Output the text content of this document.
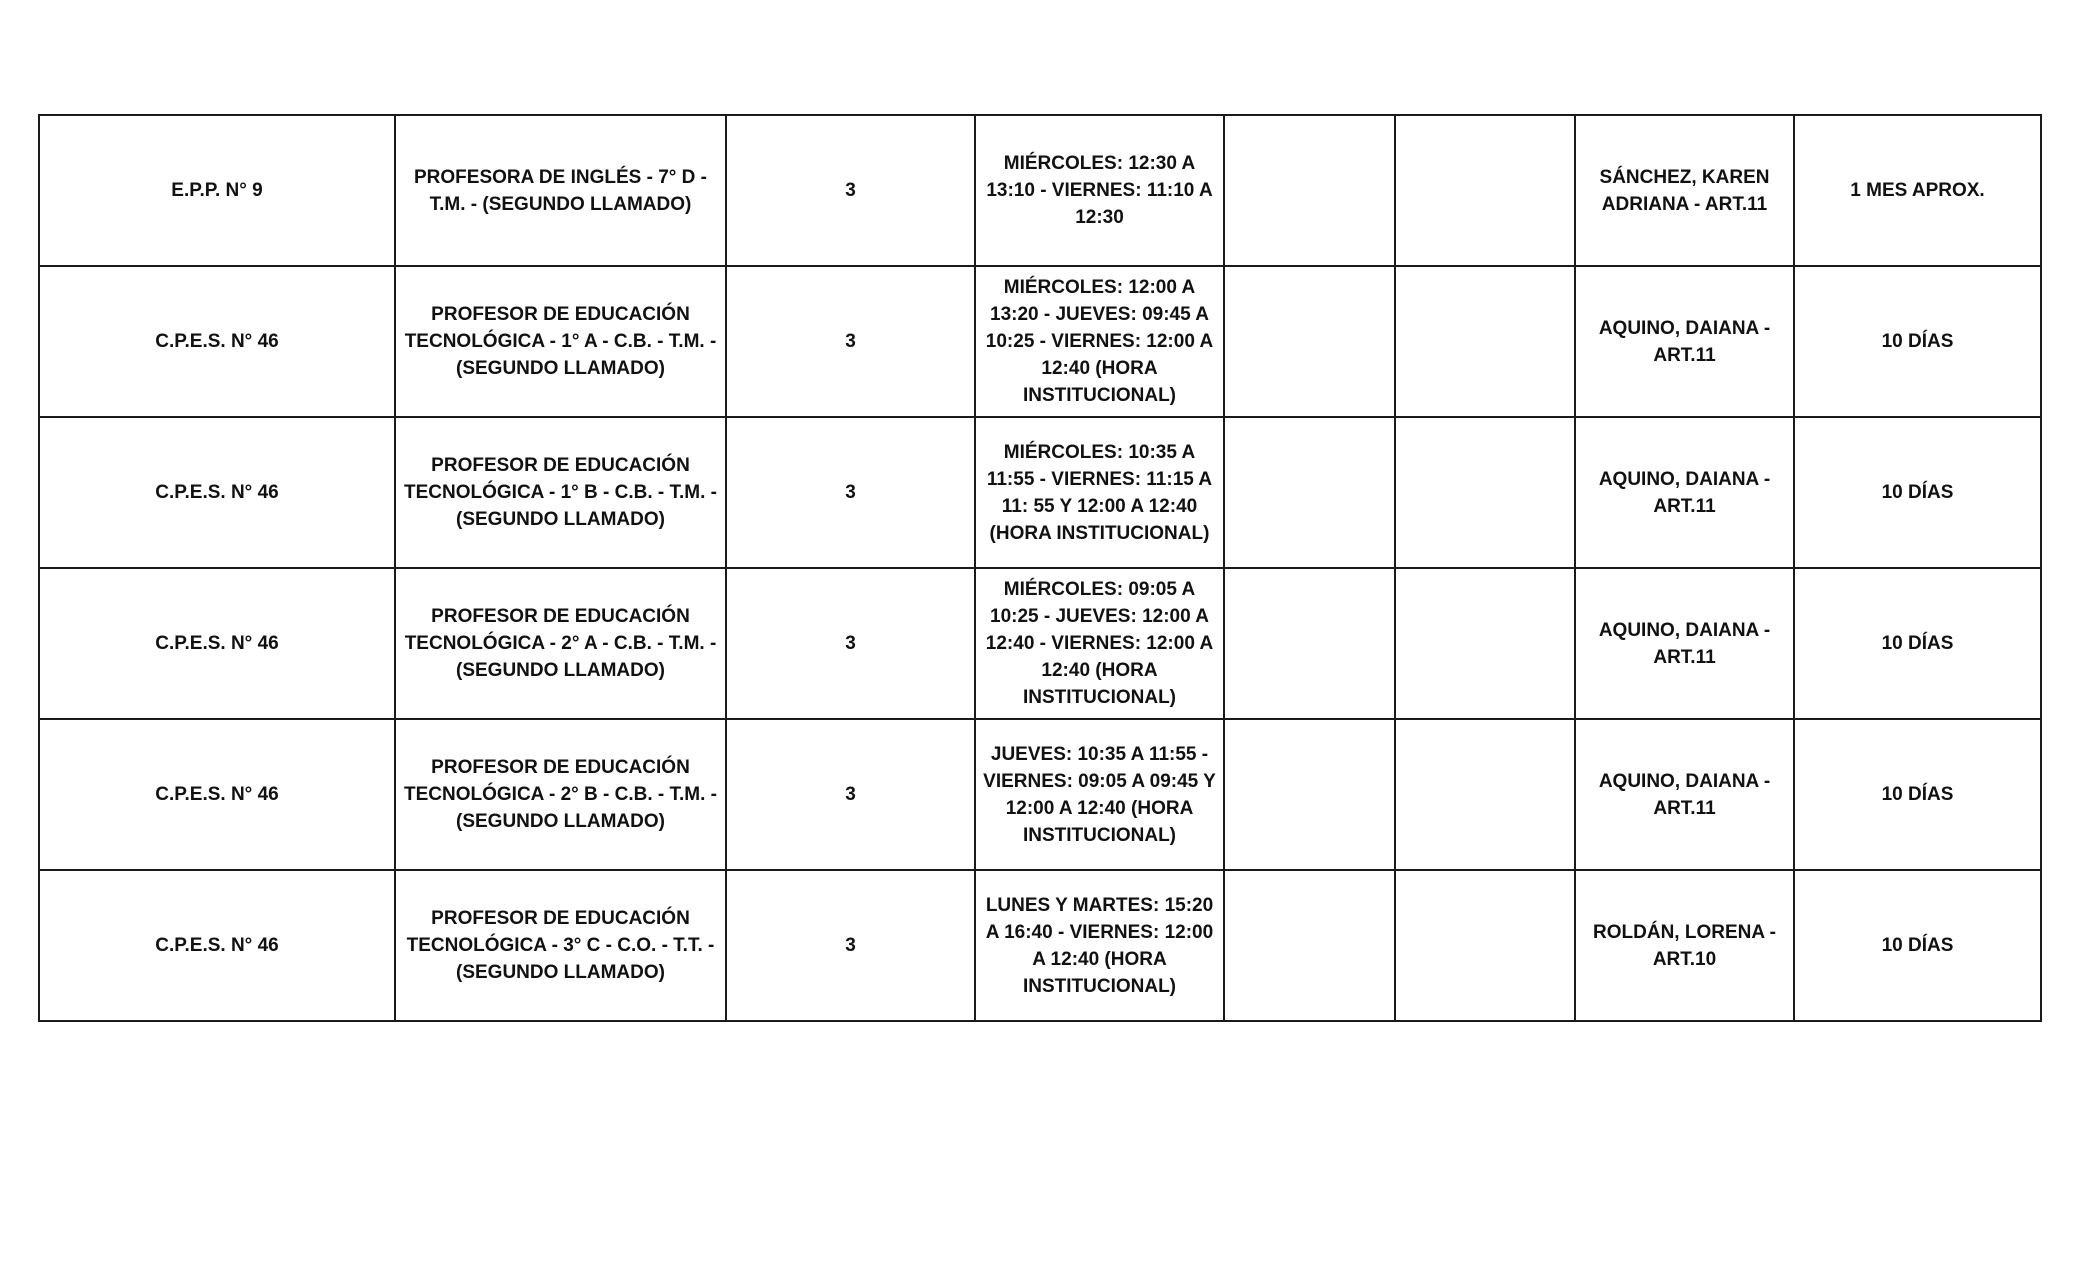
E.P.P. N° 9	PROFESORA DE INGLÉS - 7° D - T.M. - (SEGUNDO LLAMADO)	3	MIÉRCOLES: 12:30 A 13:10 - VIERNES: 11:10 A 12:30			SÁNCHEZ, KAREN ADRIANA - ART.11	1 MES APROX.
C.P.E.S. N° 46	PROFESOR DE EDUCACIÓN TECNOLÓGICA - 1° A - C.B. - T.M. - (SEGUNDO LLAMADO)	3	MIÉRCOLES: 12:00 A 13:20 - JUEVES: 09:45 A 10:25 - VIERNES: 12:00 A 12:40 (HORA INSTITUCIONAL)			AQUINO, DAIANA - ART.11	10 DÍAS
C.P.E.S. N° 46	PROFESOR DE EDUCACIÓN TECNOLÓGICA - 1° B - C.B. - T.M. - (SEGUNDO LLAMADO)	3	MIÉRCOLES: 10:35 A 11:55 - VIERNES: 11:15 A 11: 55 Y 12:00 A 12:40 (HORA INSTITUCIONAL)			AQUINO, DAIANA - ART.11	10 DÍAS
C.P.E.S. N° 46	PROFESOR DE EDUCACIÓN TECNOLÓGICA - 2° A - C.B. - T.M. - (SEGUNDO LLAMADO)	3	MIÉRCOLES: 09:05 A 10:25 - JUEVES: 12:00 A 12:40 - VIERNES: 12:00 A 12:40 (HORA INSTITUCIONAL)			AQUINO, DAIANA - ART.11	10 DÍAS
C.P.E.S. N° 46	PROFESOR DE EDUCACIÓN TECNOLÓGICA - 2° B - C.B. - T.M. - (SEGUNDO LLAMADO)	3	JUEVES: 10:35 A 11:55 - VIERNES: 09:05 A 09:45 Y 12:00 A 12:40 (HORA INSTITUCIONAL)			AQUINO, DAIANA - ART.11	10 DÍAS
C.P.E.S. N° 46	PROFESOR DE EDUCACIÓN TECNOLÓGICA - 3° C - C.O. - T.T. - (SEGUNDO LLAMADO)	3	LUNES Y MARTES: 15:20 A 16:40 - VIERNES: 12:00 A 12:40 (HORA INSTITUCIONAL)			ROLDÁN, LORENA - ART.10	10 DÍAS
